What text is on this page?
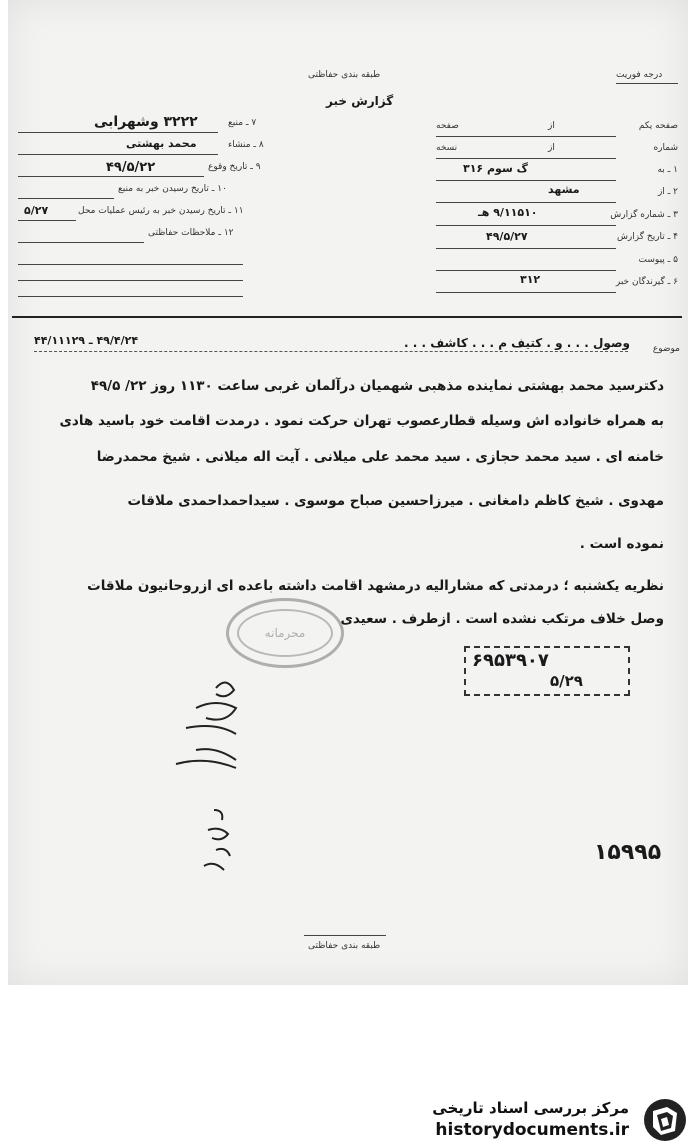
طبقه بندی حفاظتی
گزارش خبر
درجه فوریت
صفحه یکم
شماره
۱ ـ به
۲ ـ از
۳ ـ شماره گزارش
۴ ـ تاریخ گزارش
۵ ـ پیوست
۶ ـ گیرندگان خبر
از
صفحه
از
نسخه
گ سوم ۳۱۶
مشهد
۹/۱۱۵۱۰ هـ
۴۹/۵/۲۷
۳۱۲
۷ ـ منبع
۸ ـ منشاء
۹ ـ تاریخ وقوع
۱۰ ـ تاریخ رسیدن خبر به منبع
۱۱ ـ تاریخ رسیدن خبر به رئیس عملیات محل
۱۲ ـ ملاحظات حفاظتی
۳۲۲۲ وشهرابی
محمد بهشتی
۴۹/۵/۲۲
۵/۲۷
موضوع
وصول . . . و . کتیف م . . . کاشف . . .
۴۹/۴/۲۴ ـ ۴۴/۱۱۱۲۹
دکترسید محمد بهشتی نماینده مذهبی شهمیان درآلمان غربی ساعت ۱۱۳۰ روز ۲۲/ ۴۹/۵
به همراه خانواده اش وسیله قطارعصوب تهران حرکت نمود . درمدت اقامت خود باسید هادی
خامنه ای . سید محمد حجازی . سید محمد علی میلانی . آیت اله میلانی . شیخ محمدرضا
مهدوی . شیخ کاظم دامغانی . میرزاحسین صباح موسوی . سیداحمداحمدی ملاقات
نموده است .
نظریه یکشنبه ؛ درمدتی که مشارالیه درمشهد اقامت داشته باعده ای ازروحانیون ملاقات
وصل خلاف مرتکب نشده است . ازطرف . سعیدی
محرمانه
۶۹۵۳۹۰۷
۵/۲۹
۱۵۹۹۵
طبقه بندی حفاظتی
مرکز بررسی اسناد تاریخی
historydocuments.ir
